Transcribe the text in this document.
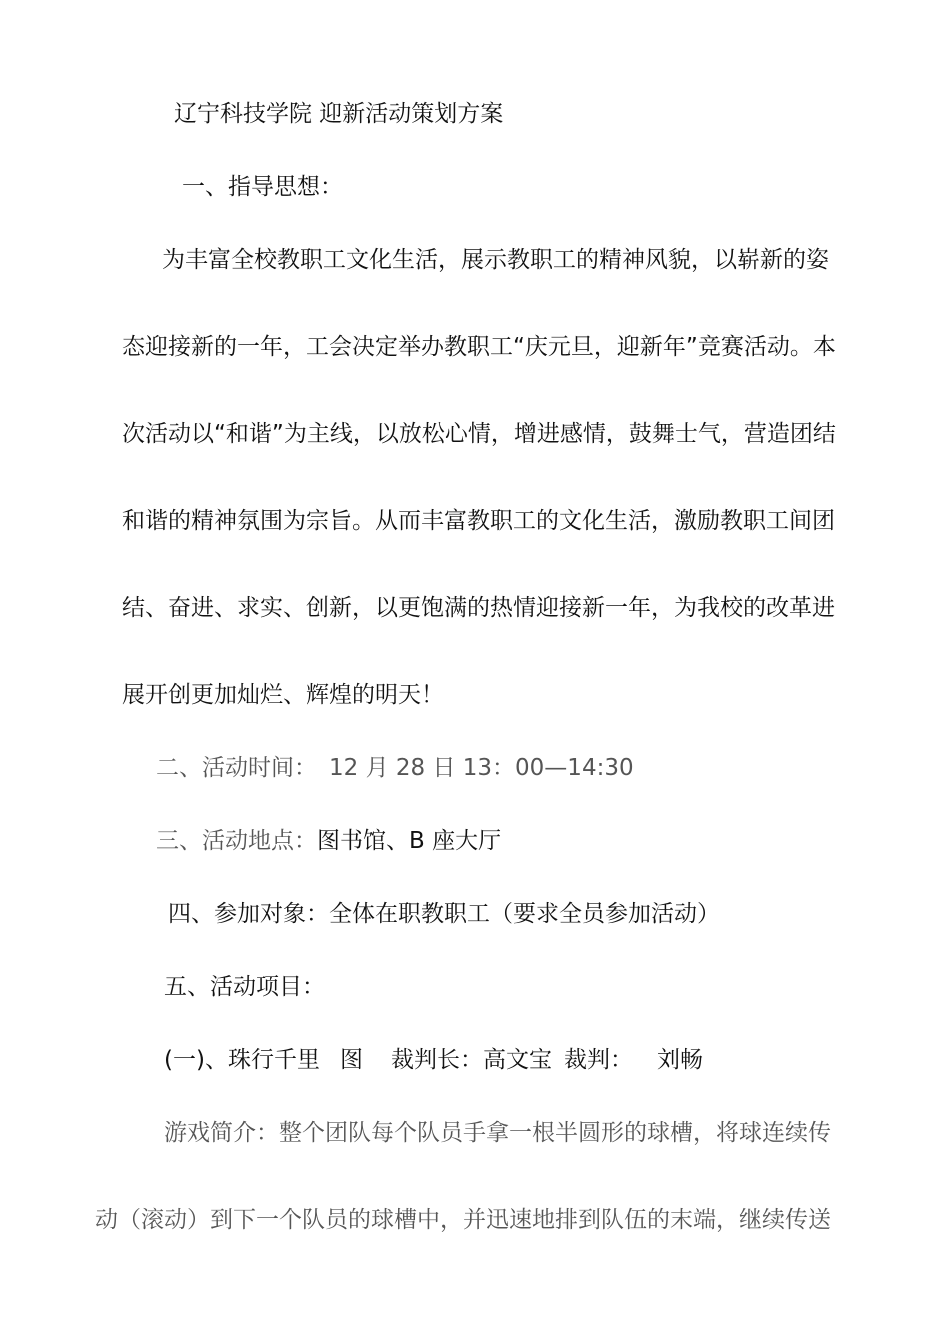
辽宁科技学院 迎新活动策划方案
一、指导思想：
为丰富全校教职工文化生活，展示教职工的精神风貌，以崭新的姿
态迎接新的一年，工会决定举办教职工“庆元旦，迎新年”竞赛活动。本
次活动以“和谐”为主线，以放松心情，增进感情，鼓舞士气，营造团结
和谐的精神氛围为宗旨。从而丰富教职工的文化生活，激励教职工间团
结、奋进、求实、创新，以更饱满的热情迎接新一年，为我校的改革进
展开创更加灿烂、辉煌的明天！
二、活动时间： 12 月 28 日 13：00—14:30
三、活动地点：图书馆、B 座大厅
四、参加对象：全体在职教职工（要求全员参加活动）
五、活动项目：
(一)、珠行千里 图 裁判长：高文宝 裁判： 刘畅
游戏简介：整个团队每个队员手拿一根半圆形的球槽，将球连续传
动（滚动）到下一个队员的球槽中，并迅速地排到队伍的末端，继续传送
